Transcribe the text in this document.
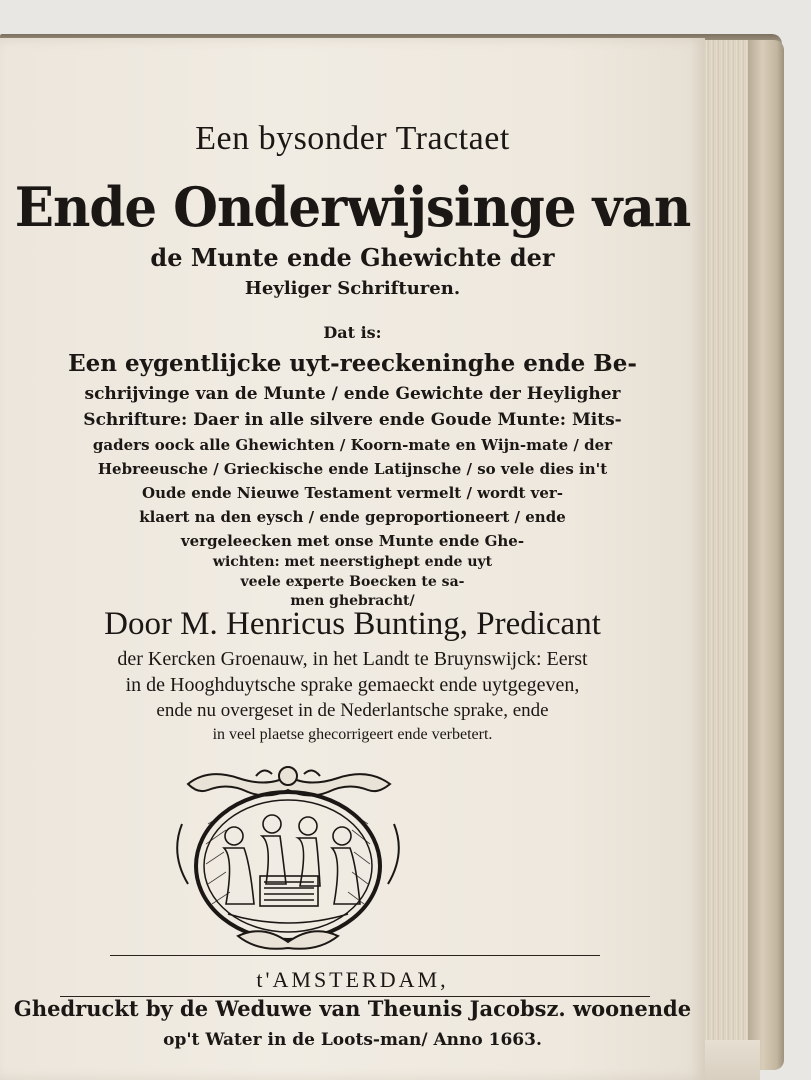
Een bysonder Tractaet

Ende Onderwijsinge van

de Munte ende Ghewichte der

Heyliger Schrifturen.

Dat is:

Een eygentlijcke uyt-reeckeninghe ende Be-
schrijvinge van de Munte / ende Gewichte der Heyligher
Schrifture: Daer in alle silvere ende Goude Munte: Mits-
gaders oock alle Ghewichten / Koorn-mate en Wijn-mate / der
Hebreeusche / Grieckische ende Latijnsche / so vele dies in't
Oude ende Nieuwe Testament vermelt / wordt ver-
klaert na den eysch / ende geproportioneert / ende
vergeleecken met onse Munte ende Ghe-
wichten: met neerstighept ende uyt
veele experte Boecken te sa-
men ghebracht/

Door M. Henricus Bunting, Predicant

der Kercken Groenauw, in het Landt te Bruynswijck: Eerst

in de Hooghduytsche sprake gemaeckt ende uytgegeven,

ende nu overgeset in de Nederlantsche sprake, ende

in veel plaetse ghecorrigeert ende verbetert.

t'AMSTERDAM,

Ghedruckt by de Weduwe van Theunis Jacobsz. woonende

op't Water in de Loots-man/ Anno 1663.
